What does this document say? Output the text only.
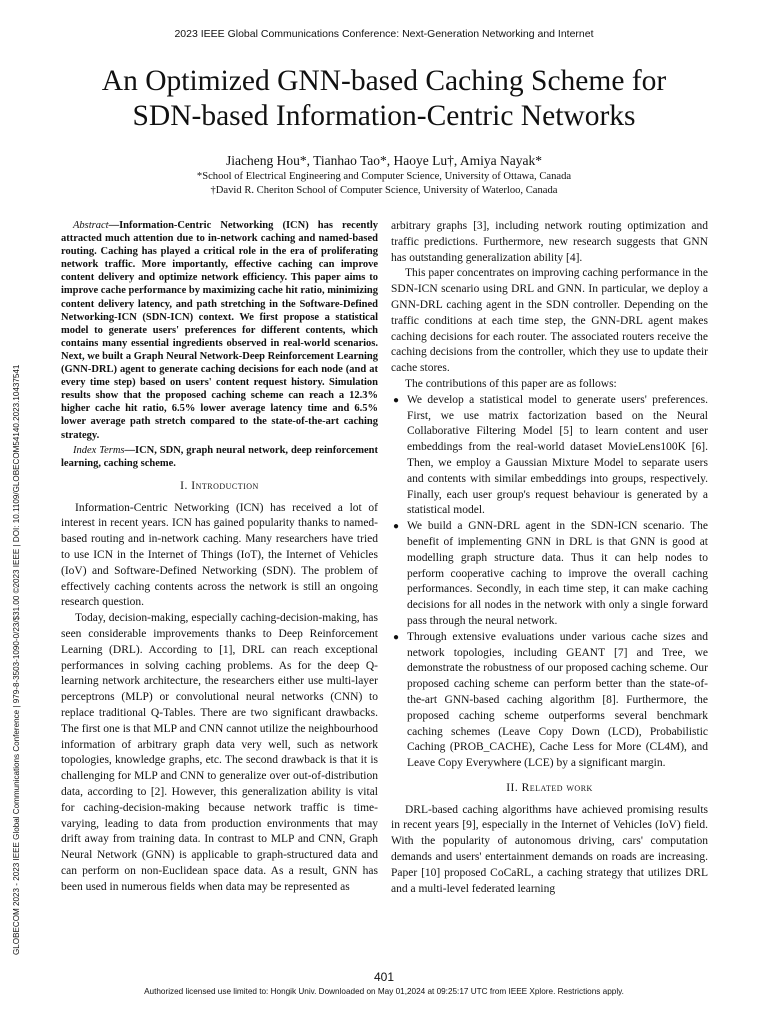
2023 IEEE Global Communications Conference: Next-Generation Networking and Internet
An Optimized GNN-based Caching Scheme for
SDN-based Information-Centric Networks
Jiacheng Hou*, Tianhao Tao*, Haoye Lu†, Amiya Nayak*
*School of Electrical Engineering and Computer Science, University of Ottawa, Canada
†David R. Cheriton School of Computer Science, University of Waterloo, Canada
GLOBECOM 2023 - 2023 IEEE Global Communications Conference | 979-8-3503-1090-0/23/$31.00 ©2023 IEEE | DOI: 10.1109/GLOBECOM54140.2023.10437541

Abstract—Information-Centric Networking (ICN) has recently attracted much attention due to in-network caching and named-based routing. Caching has played a critical role in the era of proliferating network traffic. More importantly, effective caching can improve content delivery and optimize network efficiency. This paper aims to improve cache performance by maximizing cache hit ratio, minimizing content delivery latency, and path stretching in the Software-Defined Networking-ICN (SDN-ICN) context. We first propose a statistical model to generate users' preferences for different contents, which contains many essential ingredients observed in real-world scenarios. Next, we built a Graph Neural Network-Deep Reinforcement Learning (GNN-DRL) agent to generate caching decisions for each node (and at every time step) based on users' content request history. Simulation results show that the proposed caching scheme can reach a 12.3% higher cache hit ratio, 6.5% lower average latency time and 6.5% lower average path stretch compared to the state-of-the-art caching strategy.

Index Terms—ICN, SDN, graph neural network, deep reinforcement learning, caching scheme.

I. Introduction

Information-Centric Networking (ICN) has received a lot of interest in recent years. ICN has gained popularity thanks to named-based routing and in-network caching. Many researchers have tried to use ICN in the Internet of Things (IoT), the Internet of Vehicles (IoV) and Software-Defined Networking (SDN). The problem of effectively caching contents across the network is still an ongoing research question.

Today, decision-making, especially caching-decision-making, has seen considerable improvements thanks to Deep Reinforcement Learning (DRL). According to [1], DRL can reach exceptional performances in solving caching problems. As for the deep Q-learning network architecture, the researchers either use multi-layer perceptrons (MLP) or convolutional neural networks (CNN) to replace traditional Q-Tables. There are two significant drawbacks. The first one is that MLP and CNN cannot utilize the neighbourhood information of arbitrary graph data very well, such as network topologies, knowledge graphs, etc. The second drawback is that it is challenging for MLP and CNN to generalize over out-of-distribution data, according to [2]. However, this generalization ability is vital for caching-decision-making because network traffic is time-varying, leading to data from production environments that may drift away from training data. In contrast to MLP and CNN, Graph Neural Network (GNN) is applicable to graph-structured data and can perform on non-Euclidean space data. As a result, GNN has been used in numerous fields when data may be represented as

arbitrary graphs [3], including network routing optimization and traffic predictions. Furthermore, new research suggests that GNN has outstanding generalization ability [4].

This paper concentrates on improving caching performance in the SDN-ICN scenario using DRL and GNN. In particular, we deploy a GNN-DRL caching agent in the SDN controller. Depending on the traffic conditions at each time step, the GNN-DRL agent makes caching decisions for each router. The associated routers receive the caching decisions from the controller, which they use to update their cache stores.

The contributions of this paper are as follows:

● We develop a statistical model to generate users' preferences. First, we use matrix factorization based on the Neural Collaborative Filtering Model [5] to learn content and user embeddings from the real-world dataset MovieLens100K [6]. Then, we employ a Gaussian Mixture Model to separate users and contents with similar embeddings into groups, respectively. Finally, each user group's request behaviour is generated by a statistical model.
● We build a GNN-DRL agent in the SDN-ICN scenario. The benefit of implementing GNN in DRL is that GNN is good at modelling graph structure data. Thus it can help nodes to perform cooperative caching to improve the overall caching performances. Secondly, in each time step, it can make caching decisions for all nodes in the network with only a single forward pass through the neural network.
● Through extensive evaluations under various cache sizes and network topologies, including GEANT [7] and Tree, we demonstrate the robustness of our proposed caching scheme. Our proposed caching scheme can perform better than the state-of-the-art GNN-based caching algorithm [8]. Furthermore, the proposed caching scheme outperforms several benchmark caching schemes (Leave Copy Down (LCD), Probabilistic Caching (PROB_CACHE), Cache Less for More (CL4M), and Leave Copy Everywhere (LCE) by a significant margin.

II. Related work

DRL-based caching algorithms have achieved promising results in recent years [9], especially in the Internet of Vehicles (IoV) field. With the popularity of autonomous driving, cars' computation demands and users' entertainment demands on roads are increasing. Paper [10] proposed CoCaRL, a caching strategy that utilizes DRL and a multi-level federated learning

401
Authorized licensed use limited to: Hongik Univ. Downloaded on May 01,2024 at 09:25:17 UTC from IEEE Xplore. Restrictions apply.
